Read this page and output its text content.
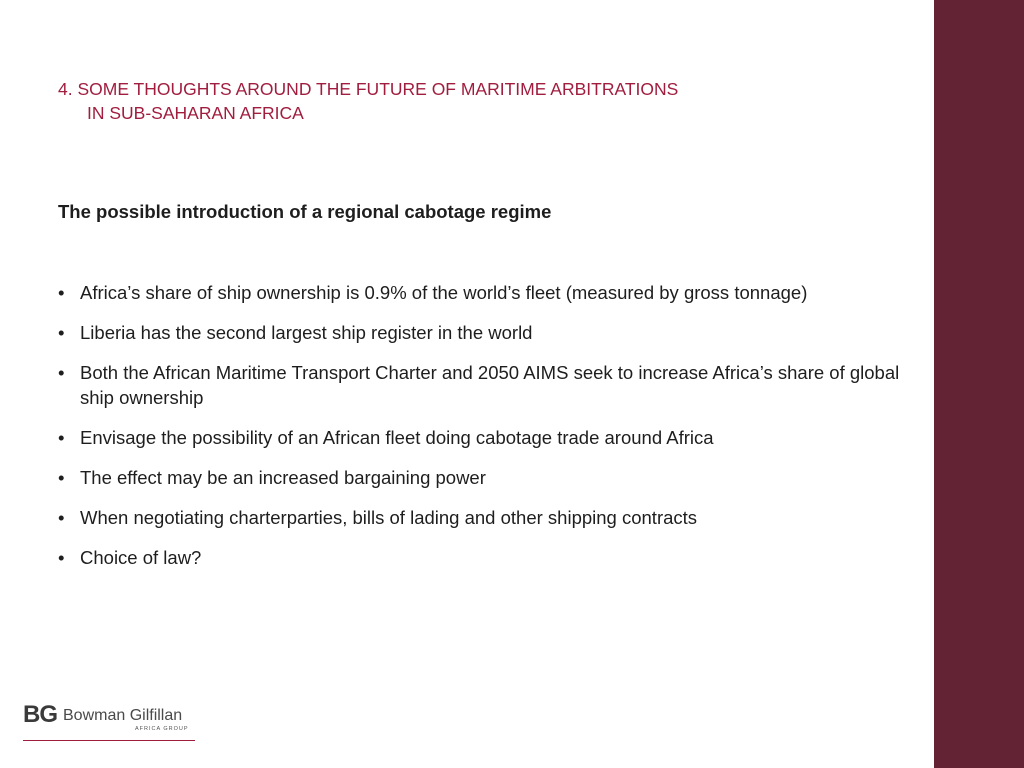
4. SOME THOUGHTS AROUND THE FUTURE OF MARITIME ARBITRATIONS
IN SUB-SAHARAN AFRICA
The possible introduction of a regional cabotage regime
• Africa’s share of ship ownership is 0.9% of the world’s fleet (measured by gross tonnage)
• Liberia has the second largest ship register in the world
• Both the African Maritime Transport Charter and 2050 AIMS seek to increase Africa’s share of global ship ownership
• Envisage the possibility of an African fleet doing cabotage trade around Africa
• The effect may be an increased bargaining power
• When negotiating charterparties, bills of lading and other shipping contracts
• Choice of law?
BG Bowman Gilfillan
AFRICA GROUP
